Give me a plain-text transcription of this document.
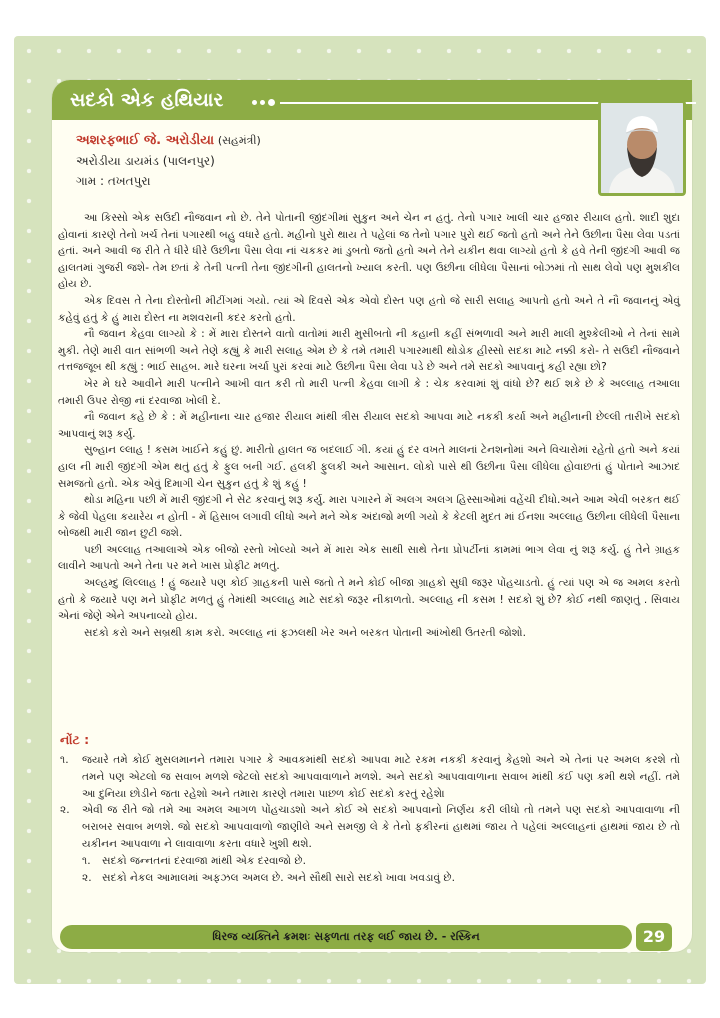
સદકો એક હથિયાર
અશરફભાઈ જે. અરોડીયા (સહમંત્રી)
અરોડીયા ડાયમંડ (પાલનપુર)
ગામ : તખતપુરા

આ કિસ્સો એક સઉદી નૌજવાન નો છે. તેને પોતાની જીંદગીમાં સુકુન અને ચેન ન હતું. તેનો પગાર ખાલી ચાર હજાર રીયાલ હતો. શાદી શુદા હોવાનાં કારણે તેનો ખર્ચ તેનાં પગારથી બહુ વધારે હતો. મહીનો પુરો થાય તે પહેલાં જ તેનો પગાર પુરો થઈ જતો હતો અને તેને ઉછીના પૈસા લેવા પડતાં હતાં. અને આવી જ રીતે તે ધીરે ધીરે ઉછીના પૈસા લેવા નાં ચકકર માં ડુબતો જતો હતો અને તેને યકીન થવા લાગ્યો હતો કે હવે તેની જીંદગી આવી જ હાલતમાં ગુજરી જશે- તેમ છતાં કે તેની પત્ની તેના જીંદગીની હાલતનો ખ્યાલ કરતી. પણ ઉછીના લીધેલા પૈસાનાં બોઝમાં તો સાથ લેવો પણ મુશકીલ હોય છે.

એક દિવસ તે તેના દોસ્તોની મીટીંગમાં ગયો. ત્યાં એ દિવસે એક એવો દોસ્ત પણ હતો જે સારી સલાહ આપતો હતો અને તે નૌ જવાનનું એવું કહેવું હતું કે હું મારા દોસ્ત ના મશવરાની કદર કરતો હતો.

નૌ જવાન કેહવા લાગ્યો કે : મેં મારા દોસ્તને વાતો વાતોમાં મારી મુસીબતો ની કહાની કહીં સંભળાવી અને મારી માલી મુશ્કેલીઓ ને તેનાં સામે મુકી. તેણે મારી વાત સાંભળી અને તેણે કહ્યું કે મારી સલાહ એમ છે કે તમે તમારી પગારમાથી થોડોક હીસ્સો સદકા માટે નક્કી કરો- તે સઉદી નૌજવાને તત્તજજૂબ થી કહ્યું : ભાઈ સાહબ. મારે ઘરના ખર્ચા પુરાં કરવાં માટે ઉછીના પૈસા લેવા પડે છે અને તમે સદકો આપવાનું કહી રહ્યા છો?

ખેર મે ઘરે આવીને મારી પત્નીને આખી વાત કરી તો મારી પત્ની કેહવા લાગી કે : ચેક કરવામાં શું વાંધો છે? થઈ શકે છે કે અલ્લાહ તઆલા તમારી ઉપર રોજી નાં દરવાજા ખોલી દે.

નૌ જવાન કહે છે કે : મેં મહીનાના ચાર હજાર રીયાલ માંથી ત્રીસ રીયાલ સદકો આપવા માટે નકકી કર્યા અને મહીનાની છેલ્લી તારીખે સદકો આપવાનું શરૂ કર્યુ.

સુબ્હાન લ્લાહ ! કસમ ખાઈને કહું છું. મારીતો હાલત જ બદલાઈ ગી. કયાં હું દર વખતે માલનાં ટેનશનોમાં અને વિચારોમાં રહેતો હતો અને કયાં હાલ ની મારી જીંદગી એમ થતું હતું કે ફુલ બની ગઈ. હલકી ફુલકી અને આસાન. લોકો પાસે થી ઉછીના પૈસા લીધેલા હોવાછતાં હું પોતાને આઝાદ સમજતો હતો. એક એવું દિમાગી ચેન સુકુન હતું કે શું કહું !

થોડા મહિના પછી મેં મારી જીંદગી ને સેટ કરવાનું શરૂ કર્યુ. મારા પગારને મેં અલગ અલગ હિસ્સાઓમાં વહેંચી દીધો.અને આમ એવી બરકત થઈ કે જેવી પેહલા કયારેય ન હોતી - મેં હિસાબ લગાવી લીધો અને મને એક અંદાજો મળી ગયો કે કેટલી મુદત માં ઈનશા અલ્લાહ ઉછીના લીધેલી પૈસાના બોજથી મારી જાન છુટી જશે.

પછી અલ્લાહ તઆલાએ એક બીજો રસ્તો ખોલ્યો અને મેં મારા એક સાથી સાથે તેના પ્રોપર્ટીનાં કામમાં ભાગ લેવા નું શરૂ કર્યુ. હું તેને ગ્રાહક લાવીને આપતો અને તેના પર મને ખાસ પ્રોફીટ મળતું.

અલ્હમ્દુ લિલ્લાહ ! હું જયારે પણ કોઈ ગ્રાહકની પાસે જતો તે મને કોઈ બીજા ગ્રાહકો સુધી જરૂર પોંહચાડતો. હું ત્યાં પણ એ જ અમલ કરતો હતો કે જયારે પણ મને પ્રોફીટ મળતું હું તેમાંથી અલ્લાહ માટે સદકો જરૂર નીકાળતો. અલ્લાહ ની કસમ ! સદકો શું છે? કોઈ નથી જાણતું . સિવાય એનાં જેણે એને અપનાવ્યો હોય.

સદકો કરો અને સબ્રથી કામ કરો. અલ્લાહ નાં ફઝલથી ખેર અને બરકત પોતાની આંખોથી ઉતરતી જોશો.

નોંટ :
૧.	જયારે તમે કોઈ મુસલમાનને તમારા પગાર કે આવકમાંથી સદકો આપવા માટે રકમ નકકી કરવાનું કેહશો અને એ તેનાં પર અમલ કરશે તો તમને પણ એટલો જ સવાબ મળશે જેટલો સદકો આપવાવાળાને મળશે. અને સદકો આપવાવાળાના સવાબ માંથી કંઈ પણ કમી થશે નહીં. તમે આ દુનિયા છોડીને જતા રહેશો અને તમારા કારણે તમારા પાછળ કોઈ સદકો કરતું રહેશે।
૨.	એવી જ રીતે જો તમે આ અમલ આગળ પોંહચાડશો અને કોઈ એ સદકો આપવાનો નિર્ણય કરી લીધો તો તમને પણ સદકો આપવાવાળા ની બરાબર સવાબ મળશે. જો સદકો આપવાવાળો જાણીલે અને સમજી લે કે તેનો ફકીરનાં હાથમાં જાય તે પહેલાં અલ્લાહનાં હાથમાં જાય છે તો યકીનન આપવાળા ને લાવાવાળા કરતા વધારે ખુશી થશે.
૧.	સદકો જન્નતનાં દરવાજા માંથી એક દરવાજો છે.
૨. સદકો નેકલ આમાલમાં અફઝલ અમલ છે. અને સૌથી સારો સદકો ખાવા ખવડાવું છે.
ધિરજ વ્યક્તિને ક્રમશઃ સફળતા તરફ લઈ જાય છે. - રસ્કિન	29
